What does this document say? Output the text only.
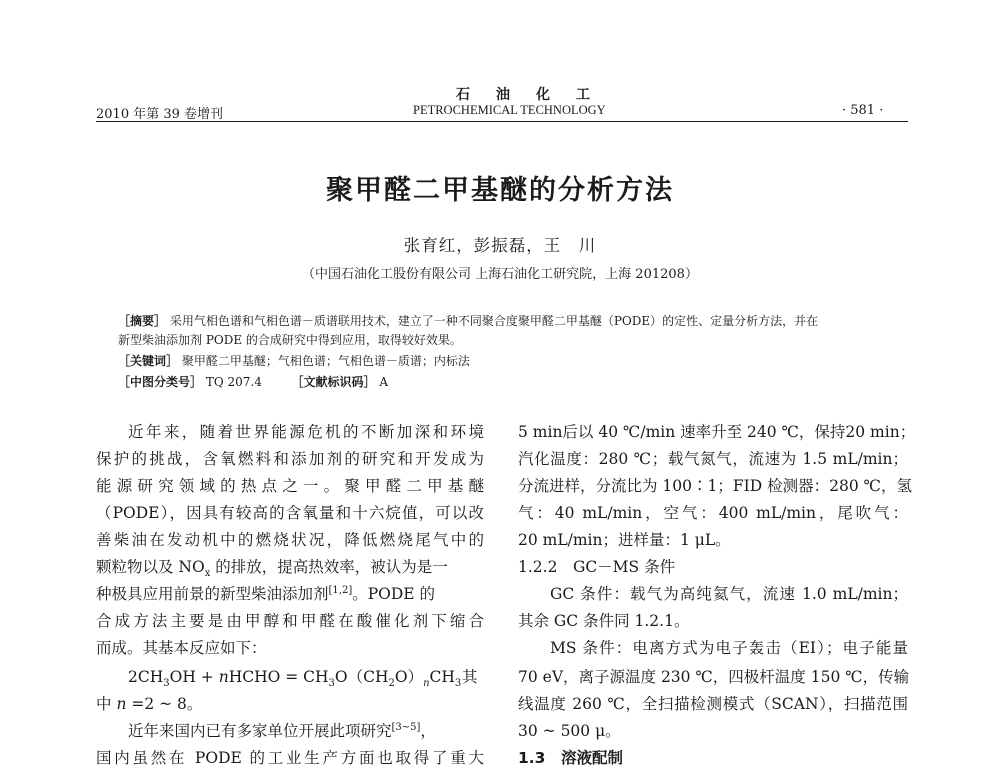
石油化工
PETROCHEMICAL TECHNOLOGY
2010 年第 39 卷增刊	· 581 ·
聚甲醛二甲基醚的分析方法
张育红，彭振磊，王　川
（中国石油化工股份有限公司 上海石油化工研究院，上海 201208）
［摘要］ 采用气相色谱和气相色谱－质谱联用技术，建立了一种不同聚合度聚甲醛二甲基醚（PODE）的定性、定量分析方法，并在
新型柴油添加剂 PODE 的合成研究中得到应用，取得较好效果。
［关键词］ 聚甲醛二甲基醚；气相色谱；气相色谱－质谱；内标法
［中图分类号］ TQ 207.4 ［文献标识码］ A
近年来，随着世界能源危机的不断加深和环境
保护的挑战，含氧燃料和添加剂的研究和开发成为
能源研究领域的热点之一。聚甲醛二甲基醚
（PODE），因具有较高的含氧量和十六烷值，可以改
善柴油在发动机中的燃烧状况，降低燃烧尾气中的
颗粒物以及 $NO_x$ 的排放，提高热效率，被认为是一
种极具应用前景的新型柴油添加剂[1,2]。PODE 的
合成方法主要是由甲醇和甲醛在酸催化剂下缩合
而成。其基本反应如下：
$2CH_3OH$ + nHCHO = $CH_3O(CH_2O)_nCH_3$ 其
中 n =2 ~ 8。
近年来国内已有多家单位开展此项研究[3~5]，
国内虽然在 PODE 的工业生产方面也取得了重大
5 min后以 40 ℃/min 速率升至 240 ℃，保持20 min；
汽化温度：280 ℃；载气氮气，流速为 1.5 mL/min；
分流进样，分流比为 100∶1；FID 检测器：280 ℃，氢
气：40 mL/min，空气：400 mL/min，尾吹气：
20 mL/min；进样量：1 μL。
1.2.2　GC－MS 条件
GC 条件：载气为高纯氦气，流速 1.0 mL/min；
其余 GC 条件同 1.2.1。
MS 条件：电离方式为电子轰击（EI）；电子能量
70 eV，离子源温度 230 ℃，四极杆温度 150 ℃，传输
线温度 260 ℃，全扫描检测模式（SCAN），扫描范围
30 ~ 500 μ。
1.3　溶液配制
